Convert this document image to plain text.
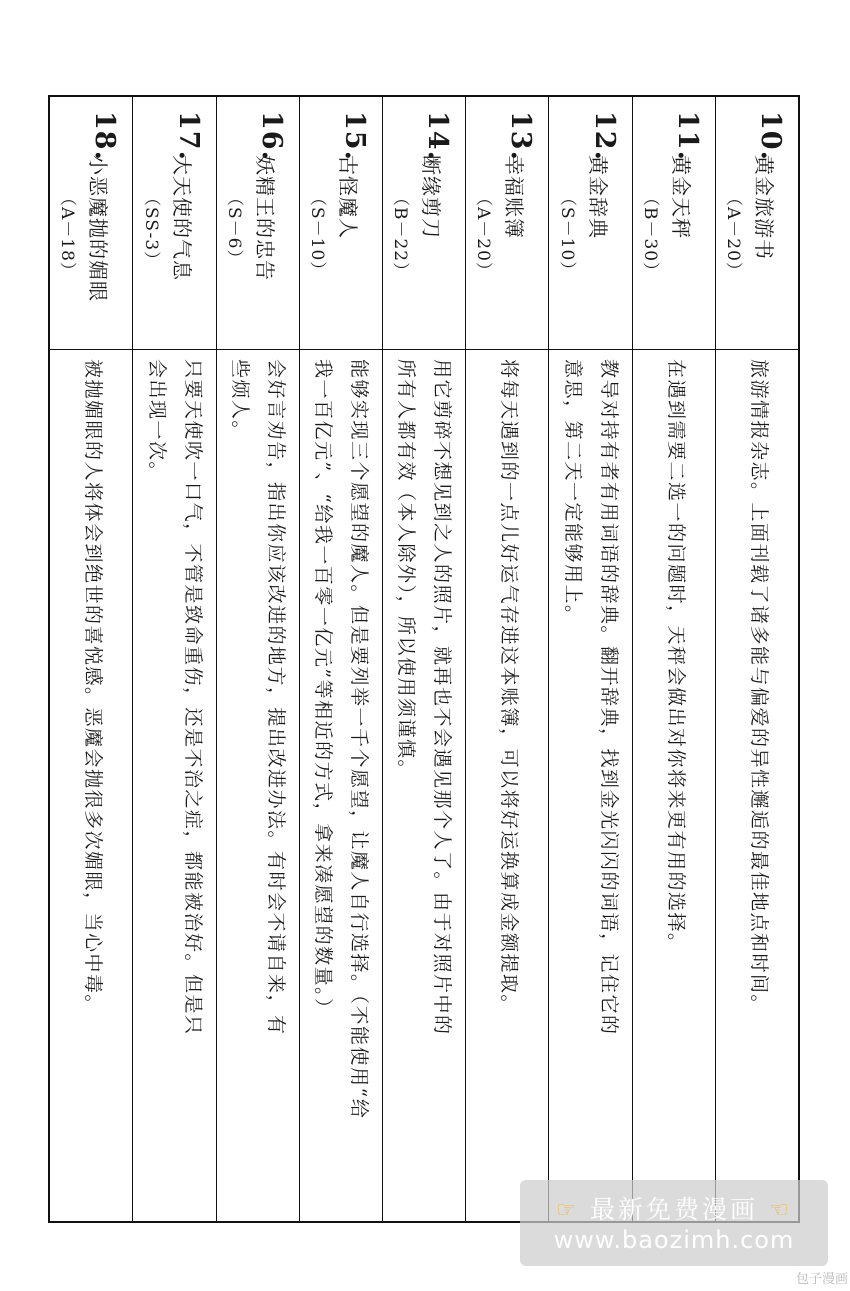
10.
黄金旅游书
（A－20）
旅游情报杂志。上面刊载了诸多能与偏爱的异性邂逅的最佳地点和时间。
11.
黄金天秤
（B－30）
在遇到需要二选一的问题时，天秤会做出对你将来更有用的选择。
12.
黄金辞典
（S－10）
教导对持有者有用词语的辞典。翻开辞典，找到金光闪闪的词语，记住它的
意思，第二天一定能够用上。
13.
幸福账簿
（A－20）
将每天遇到的一点儿好运气存进这本账簿，可以将好运换算成金额提取。
14.
断缘剪刀
（B－22）
用它剪碎不想见到之人的照片，就再也不会遇见那个人了。由于对照片中的
所有人都有效（本人除外），所以使用须谨慎。
15.
古怪魔人
（S－10）
能够实现三个愿望的魔人。但是要列举一千个愿望，让魔人自行选择。（不能使用“给
我一百亿元”、“给我一百零一亿元”等相近的方式，拿来凑愿望的数量。）
16.
妖精王的忠告
（S－6）
会好言劝告，指出你应该改进的地方，提出改进办法。有时会不请自来，有
些烦人。
17.
大天使的气息
（SS-3）
只要天使吹一口气，不管是致命重伤，还是不治之症，都能被治好。但是只
会出现一次。
18.
小恶魔抛的媚眼
（A－18）
被抛媚眼的人将体会到绝世的喜悦感。恶魔会抛很多次媚眼，当心中毒。
☞ 最新免费漫画 ☜
www.baozimh.com
包子漫画
